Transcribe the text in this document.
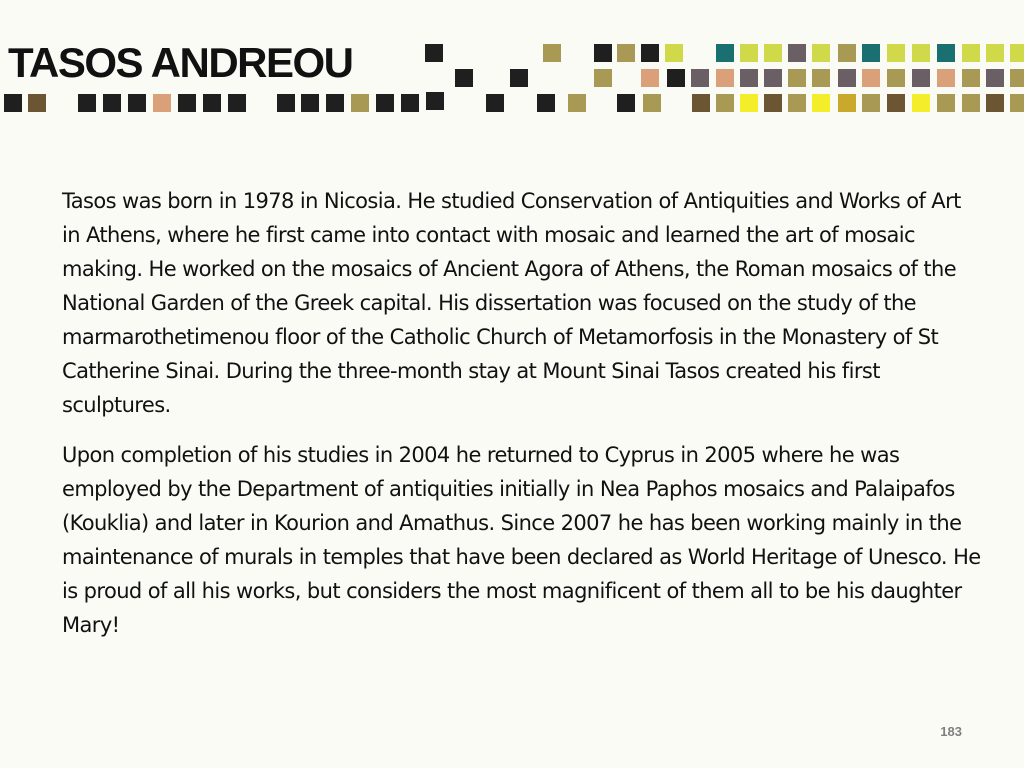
TASOS ANDREOU

Tasos was born in 1978 in Nicosia. He studied Conservation of Antiquities and Works of Art in Athens, where he first came into contact with mosaic and learned the art of mosaic making. He worked on the mosaics of Ancient Agora of Athens, the Roman mosaics of the National Garden of the Greek capital. His dissertation was focused on the study of the marmarothetimenou floor of the Catholic Church of Metamorfosis in the Monastery of St Catherine Sinai. During the three-month stay at Mount Sinai Tasos created his first sculptures.

Upon completion of his studies in 2004 he returned to Cyprus in 2005 where he was employed by the Department of antiquities initially in Nea Paphos mosaics and Palaipafos (Kouklia) and later in Kourion and Amathus. Since 2007 he has been working mainly in the maintenance of murals in temples that have been declared as World Heritage of Unesco. He is proud of all his works, but considers the most magnificent of them all to be his daughter Mary!

183
